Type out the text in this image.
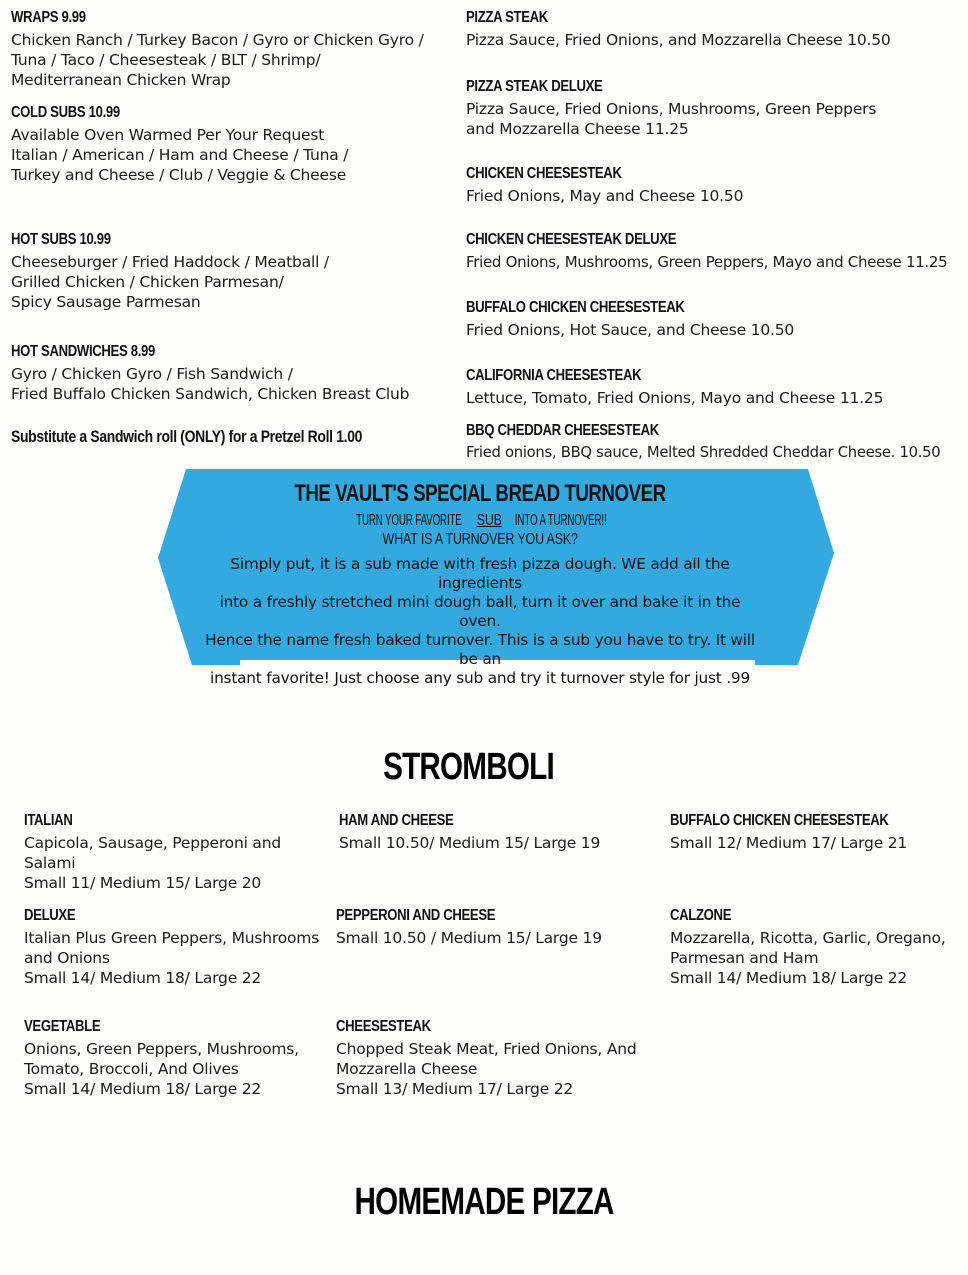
WRAPS 9.99
Chicken Ranch / Turkey Bacon / Gyro or Chicken Gyro /
Tuna / Taco / Cheesesteak / BLT / Shrimp/
Mediterranean Chicken Wrap
COLD SUBS 10.99
Available Oven Warmed Per Your Request
Italian / American / Ham and Cheese / Tuna /
Turkey and Cheese / Club / Veggie & Cheese
HOT SUBS 10.99
Cheeseburger / Fried Haddock / Meatball /
Grilled Chicken / Chicken Parmesan/
Spicy Sausage Parmesan
HOT SANDWICHES 8.99
Gyro / Chicken Gyro / Fish Sandwich /
Fried Buffalo Chicken Sandwich, Chicken Breast Club
Substitute a Sandwich roll (ONLY) for a Pretzel Roll 1.00
PIZZA STEAK
Pizza Sauce, Fried Onions, and Mozzarella Cheese 10.50
PIZZA STEAK DELUXE
Pizza Sauce, Fried Onions, Mushrooms, Green Peppers
and Mozzarella Cheese 11.25
CHICKEN CHEESESTEAK
Fried Onions, May and Cheese 10.50
CHICKEN CHEESESTEAK DELUXE
Fried Onions, Mushrooms, Green Peppers, Mayo and Cheese 11.25
BUFFALO CHICKEN CHEESESTEAK
Fried Onions, Hot Sauce, and Cheese 10.50
CALIFORNIA CHEESESTEAK
Lettuce, Tomato, Fried Onions, Mayo and Cheese 11.25
BBQ CHEDDAR CHEESESTEAK
Fried onions, BBQ sauce, Melted Shredded Cheddar Cheese. 10.50
THE VAULT'S SPECIAL BREAD TURNOVER
TURN YOUR FAVORITESUBINTO A TURNOVER!!
WHAT IS A TURNOVER YOU ASK?
Simply put, it is a sub made with fresh pizza dough. WE add all the ingredients
into a freshly stretched mini dough ball, turn it over and bake it in the oven.
Hence the name fresh baked turnover. This is a sub you have to try. It will be an
instant favorite! Just choose any sub and try it turnover style for just .99
STROMBOLI
ITALIAN
Capicola, Sausage, Pepperoni and
Salami
Small 11/ Medium 15/ Large 20
HAM AND CHEESE
Small 10.50/ Medium 15/ Large 19
BUFFALO CHICKEN CHEESESTEAK
Small 12/ Medium 17/ Large 21
DELUXE
Italian Plus Green Peppers, Mushrooms
and Onions
Small 14/ Medium 18/ Large 22
PEPPERONI AND CHEESE
Small 10.50 / Medium 15/ Large 19
CALZONE
Mozzarella, Ricotta, Garlic, Oregano,
Parmesan and Ham
Small 14/ Medium 18/ Large 22
VEGETABLE
Onions, Green Peppers, Mushrooms,
Tomato, Broccoli, And Olives
Small 14/ Medium 18/ Large 22
CHEESESTEAK
Chopped Steak Meat, Fried Onions, And
Mozzarella Cheese
Small 13/ Medium 17/ Large 22
HOMEMADE PIZZA
